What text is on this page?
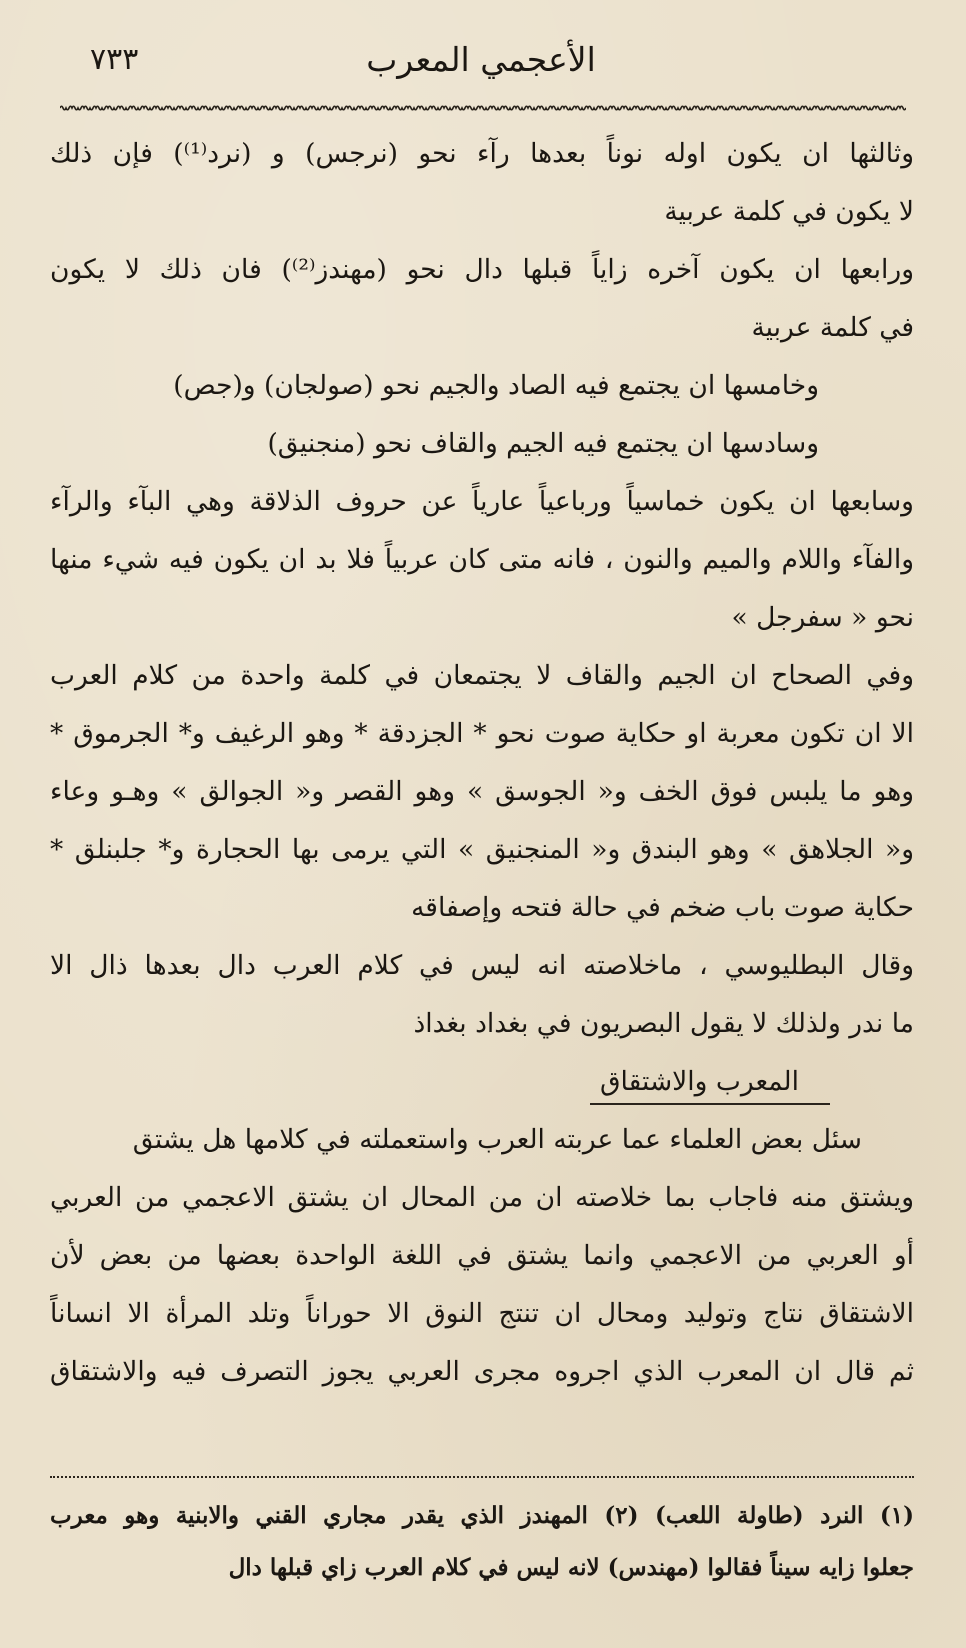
٧٣٣	الأعجمي المعرب
وثالثها ان يكون اوله نوناً بعدها رآء نحو (نرجس) و (نرد⁽¹⁾) فإن ذلك
لا يكون في كلمة عربية
ورابعها ان يكون آخره زاياً قبلها دال نحو (مهندز⁽²⁾) فان ذلك لا يكون
في كلمة عربية
وخامسها ان يجتمع فيه الصاد والجيم نحو (صولجان) و(جص)
وسادسها ان يجتمع فيه الجيم والقاف نحو (منجنيق)
وسابعها ان يكون خماسياً ورباعياً عارياً عن حروف الذلاقة وهي البآء والرآء
والفآء واللام والميم والنون ، فانه متى كان عربياً فلا بد ان يكون فيه شيء منها
نحو « سفرجل »
وفي الصحاح ان الجيم والقاف لا يجتمعان في كلمة واحدة من كلام العرب
الا ان تكون معربة او حكاية صوت نحو * الجزدقة * وهو الرغيف و* الجرموق *
وهو ما يلبس فوق الخف و« الجوسق » وهو القصر و« الجوالق » وهـو وعاء
و« الجلاهق » وهو البندق و« المنجنيق » التي يرمى بها الحجارة و* جلبنلق *
حكاية صوت باب ضخم في حالة فتحه وإصفاقه
وقال البطليوسي ، ماخلاصته انه ليس في كلام العرب دال بعدها ذال الا
ما ندر ولذلك لا يقول البصريون في بغداد بغداذ
المعرب والاشتقاق
سئل بعض العلماء عما عربته العرب واستعملته في كلامها هل يشتق
ويشتق منه فاجاب بما خلاصته ان من المحال ان يشتق الاعجمي من العربي
أو العربي من الاعجمي وانما يشتق في اللغة الواحدة بعضها من بعض لأن
الاشتقاق نتاج وتوليد ومحال ان تنتج النوق الا حوراناً وتلد المرأة الا انساناً
ثم قال ان المعرب الذي اجروه مجرى العربي يجوز التصرف فيه والاشتقاق
(١) النرد (طاولة اللعب) (٢) المهندز الذي يقدر مجاري القني والابنية وهو معرب
جعلوا زايه سيناً فقالوا (مهندس) لانه ليس في كلام العرب زاي قبلها دال
